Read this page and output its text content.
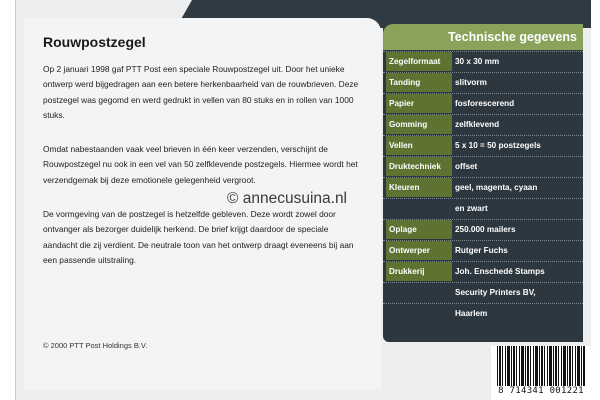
Rouwpostzegel
Op 2 januari 1998 gaf PTT Post een speciale Rouwpostzegel uit. Door het unieke ontwerp werd bijgedragen aan een betere herkenbaarheid van de rouwbrieven. Deze postzegel was gegomd en werd gedrukt in vellen van 80 stuks en in rollen van 1000 stuks.
Omdat nabestaanden vaak veel brieven in één keer verzenden, verschijnt de Rouwpostzegel nu ook in een vel van 50 zelfklevende postzegels. Hiermee wordt het verzendgemak bij deze emotionele gelegenheid vergroot.
De vormgeving van de postzegel is hetzelfde gebleven. Deze wordt zowel door ontvanger als bezorger duidelijk herkend. De brief krijgt daardoor de speciale aandacht die zij verdient. De neutrale toon van het ontwerp draagt eveneens bij aan een passende uitstraling.
© 2000 PTT Post Holdings B.V.
© annecusuina.nl
Technische gegevens
Zegelformaat	30 x 30 mm
Tanding	slitvorm
Papier	fosforescerend
Gomming	zelfklevend
Vellen	5 x 10 = 50 postzegels
Druktechniek	offset
Kleuren	geel, magenta, cyaan
en zwart
Oplage	250.000 mailers
Ontwerper	Rutger Fuchs
Drukkerij	Joh. Enschedé Stamps
Security Printers BV,
Haarlem
8 714341 001221
